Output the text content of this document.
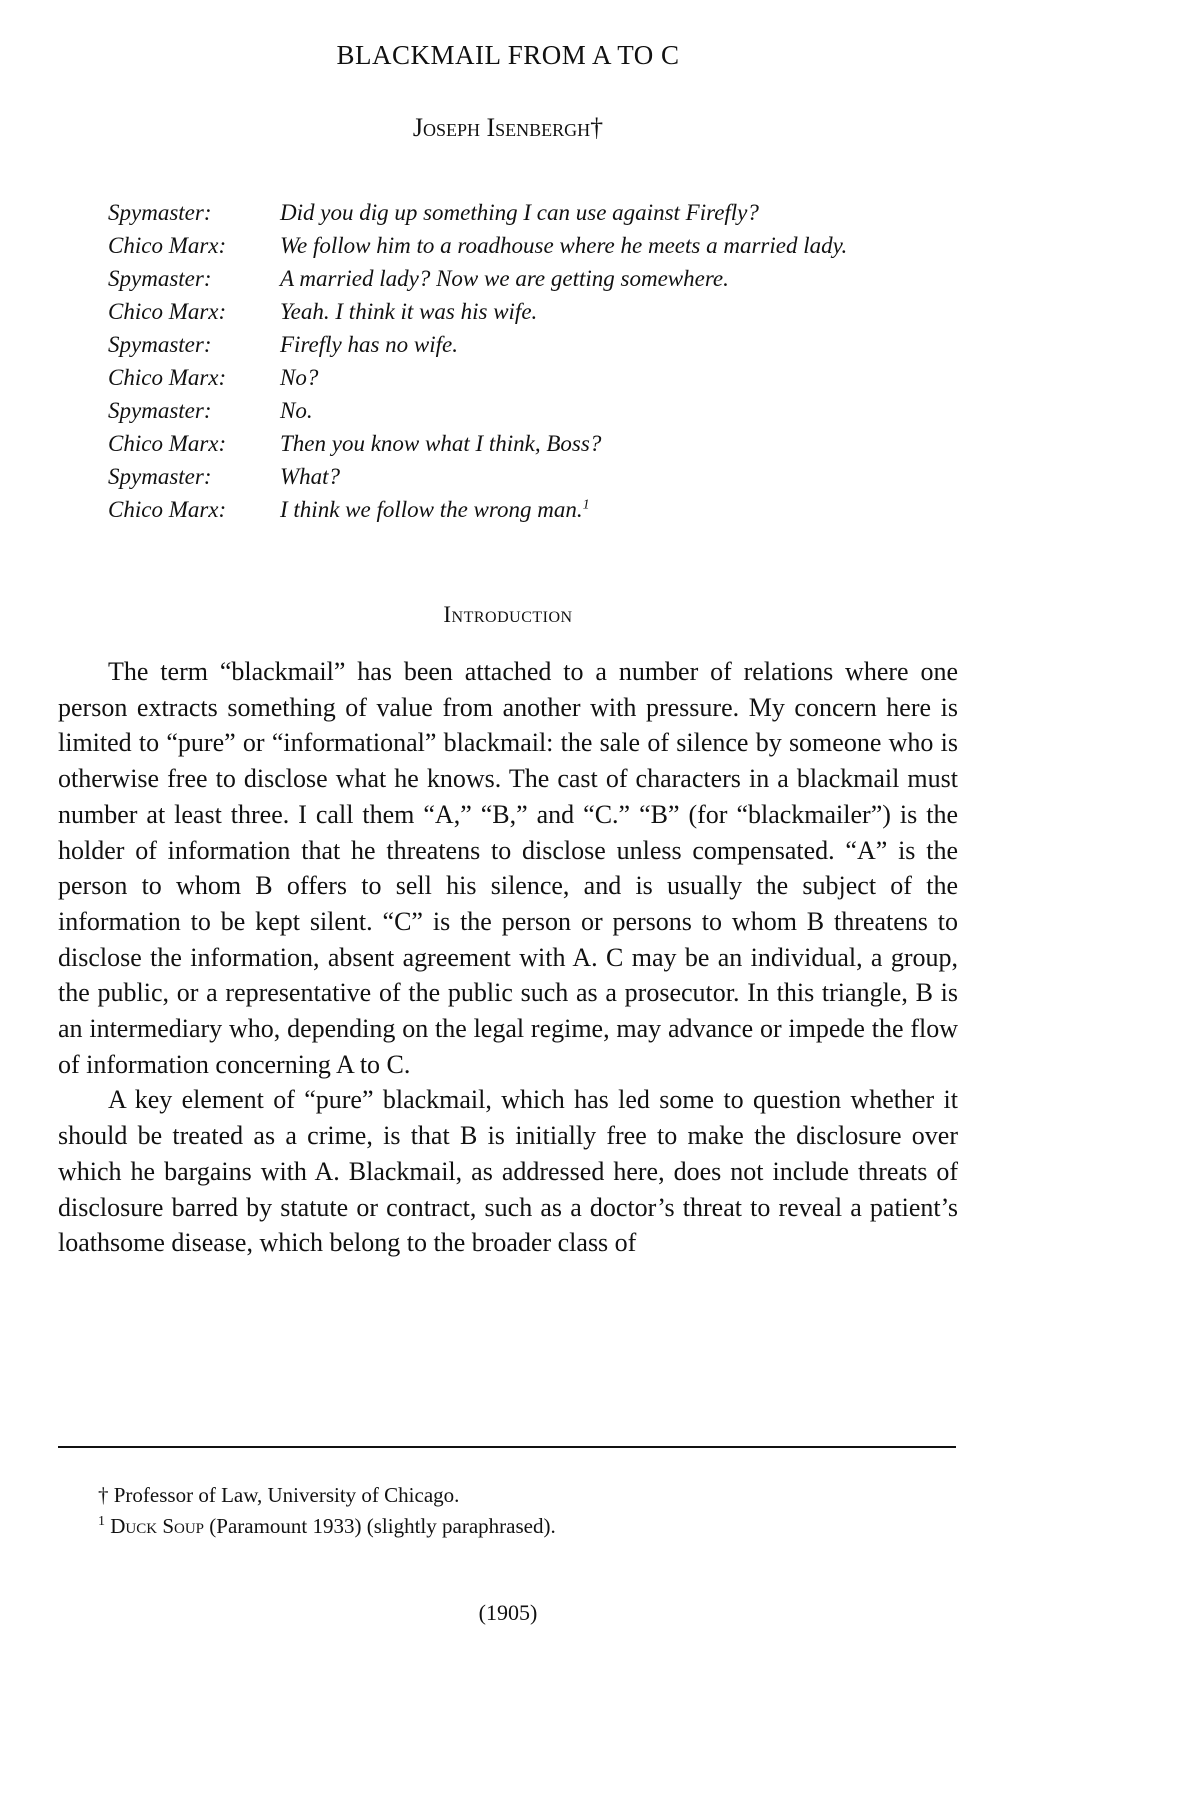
BLACKMAIL FROM A TO C
Joseph Isenbergh†
Spymaster:	Did you dig up something I can use against Firefly?
Chico Marx:	We follow him to a roadhouse where he meets a married lady.
Spymaster:	A married lady? Now we are getting somewhere.
Chico Marx:	Yeah. I think it was his wife.
Spymaster:	Firefly has no wife.
Chico Marx:	No?
Spymaster:	No.
Chico Marx:	Then you know what I think, Boss?
Spymaster:	What?
Chico Marx:	I think we follow the wrong man.$^1$
Introduction

The term “blackmail” has been attached to a number of relations where one person extracts something of value from another with pressure. My concern here is limited to “pure” or “informational” blackmail: the sale of silence by someone who is otherwise free to disclose what he knows. The cast of characters in a blackmail must number at least three. I call them “A,” “B,” and “C.” “B” (for “blackmailer”) is the holder of information that he threatens to disclose unless compensated. “A” is the person to whom B offers to sell his silence, and is usually the subject of the information to be kept silent. “C” is the person or persons to whom B threatens to disclose the information, absent agreement with A. C may be an individual, a group, the public, or a representative of the public such as a prosecutor. In this triangle, B is an intermediary who, depending on the legal regime, may advance or impede the flow of information concerning A to C.

A key element of “pure” blackmail, which has led some to question whether it should be treated as a crime, is that B is initially free to make the disclosure over which he bargains with A. Blackmail, as addressed here, does not include threats of disclosure barred by statute or contract, such as a doctor’s threat to reveal a patient’s loathsome disease, which belong to the broader class of

† Professor of Law, University of Chicago.
$^1$ Duck Soup (Paramount 1933) (slightly paraphrased).
(1905)
